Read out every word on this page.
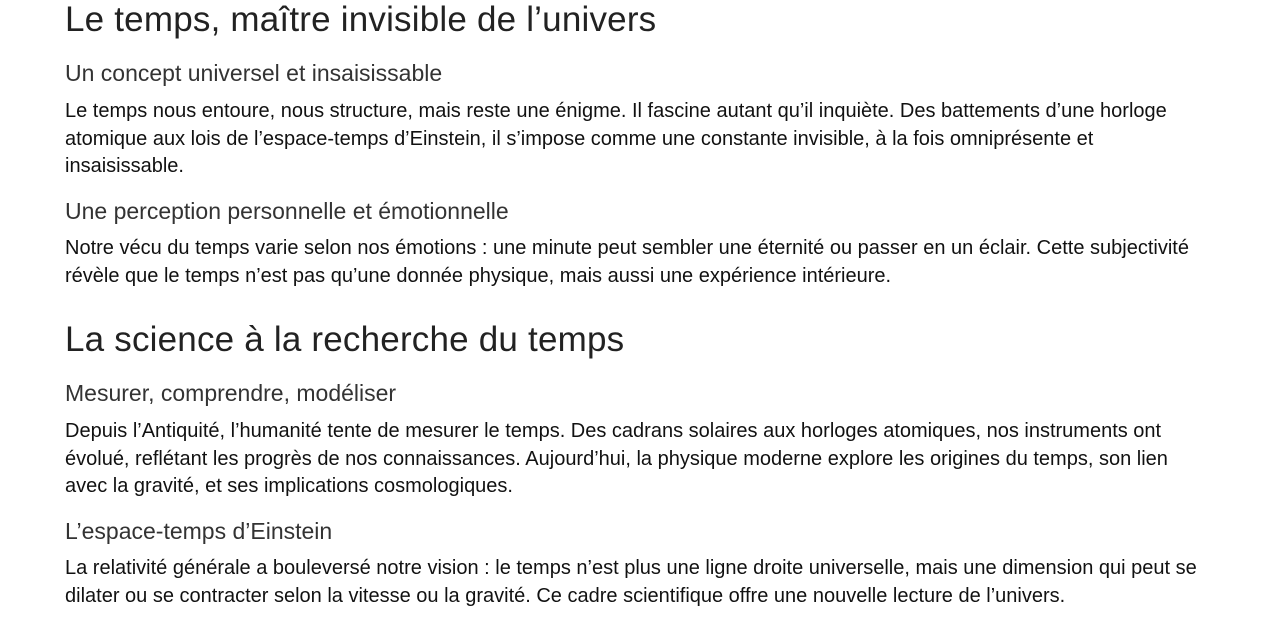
Le temps, maître invisible de l’univers
Un concept universel et insaisissable

Le temps nous entoure, nous structure, mais reste une énigme. Il fascine autant qu’il inquiète. Des battements d’une horloge atomique aux lois de l’espace-temps d’Einstein, il s’impose comme une constante invisible, à la fois omniprésente et insaisissable.

Une perception personnelle et émotionnelle

Notre vécu du temps varie selon nos émotions : une minute peut sembler une éternité ou passer en un éclair. Cette subjectivité révèle que le temps n’est pas qu’une donnée physique, mais aussi une expérience intérieure.

La science à la recherche du temps
Mesurer, comprendre, modéliser

Depuis l’Antiquité, l’humanité tente de mesurer le temps. Des cadrans solaires aux horloges atomiques, nos instruments ont évolué, reflétant les progrès de nos connaissances. Aujourd’hui, la physique moderne explore les origines du temps, son lien avec la gravité, et ses implications cosmologiques.

L’espace-temps d’Einstein

La relativité générale a bouleversé notre vision : le temps n’est plus une ligne droite universelle, mais une dimension qui peut se dilater ou se contracter selon la vitesse ou la gravité. Ce cadre scientifique offre une nouvelle lecture de l’univers.
